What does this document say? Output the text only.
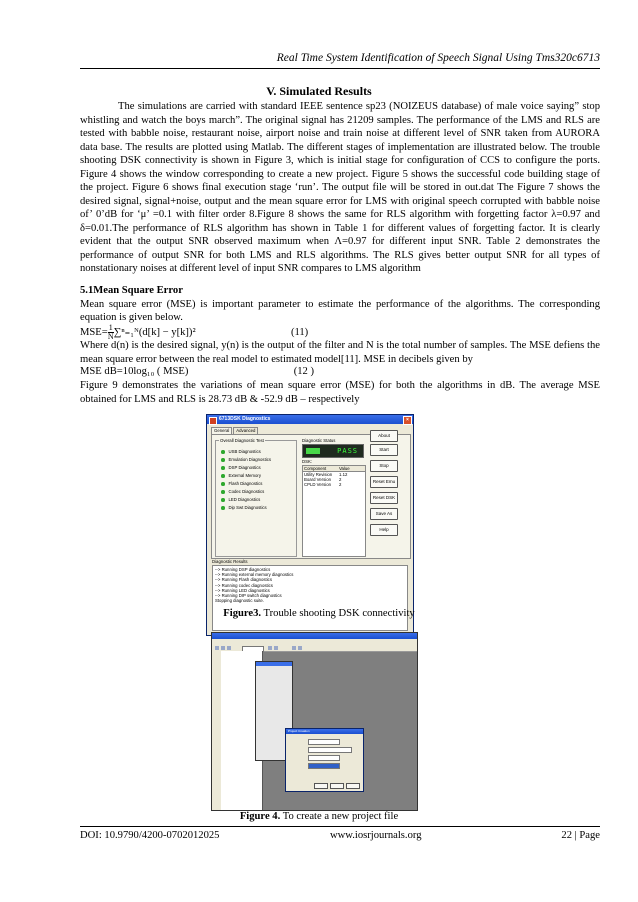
Real Time System Identification of Speech Signal Using Tms320c6713
V. Simulated Results

The simulations are carried with standard IEEE sentence sp23 (NOIZEUS database) of male voice saying” stop whistling and watch the boys march”. The original signal has 21209 samples. The performance of the LMS and RLS are tested with babble noise, restaurant noise, airport noise and train noise at different level of SNR taken from AURORA data base. The results are plotted using Matlab. The different stages of implementation are illustrated below. The trouble shooting DSK connectivity is shown in Figure 3, which is initial stage for configuration of CCS to configure the ports. Figure 4 shows the window corresponding to create a new project. Figure 5 shows the successful code building stage of the project. Figure 6 shows final execution stage ‘run’. The output file will be stored in out.dat The Figure 7 shows the desired signal, signal+noise, output and the mean square error for LMS with original speech corrupted with babble noise of’ 0’dB for ‘μ’ =0.1 with filter order 8.Figure 8 shows the same for RLS algorithm with forgetting factor λ=0.97 and δ=0.01.The performance of RLS algorithm has shown in Table 1 for different values of forgetting factor. It is clearly evident that the output SNR observed maximum when Λ=0.97 for different input SNR. Table 2 demonstrates the performance of output SNR for both LMS and RLS algorithms. The RLS gives better output SNR for all types of nonstationary noises at different level of input SNR compares to LMS algorithm

5.1Mean Square Error

Mean square error (MSE) is important parameter to estimate the performance of the algorithms. The corresponding equation is given below.

$MSE= \frac{1}{N}$ ∑ⁿ₌₁ᴺ(d[k] − y[k])²	(11)

Where d(n) is the desired signal, y(n) is the output of the filter and N is the total number of samples. The MSE defiens the mean square error between the real model to estimated model[11]. MSE in decibels given by

MSE dB=10log₁₀ ( MSE)	(12 )

Figure 9 demonstrates the variations of mean square error (MSE) for both the algorithms in dB. The average MSE obtained for LMS and RLS is 28.73 dB & -52.9 dB – respectively

6713DSK Diagnostics	×
General Advanced
Overall Diagnostic Test
USB Diagnostics
Emulation Diagnostics
DSP Diagnostics
External Memory
Flash Diagnostics
Codec Diagnostics
LED Diagnostics
Dip Swt Diagnostics
Diagnostic Status
PASS
DSK:
Component	Value
Utility Revision	1.12
Board Version	2
CPLD Version	2
About
Start
Stop
Reset Emu
Reset DSK
Save As
Help
Diagnostic Results
--> Running DSP diagnostics
--> Running external memory diagnostics
--> Running Flash diagnostics
--> Running codec diagnostics
--> Running LED diagnostics
--> Running DIP switch diagnostics
Stopping diagnostic suite.
Figure3. Trouble shooting DSK connectivity
Project Creation
Figure 4. To create a new project file
DOI: 10.9790/4200-0702012025	www.iosrjournals.org	22 | Page
